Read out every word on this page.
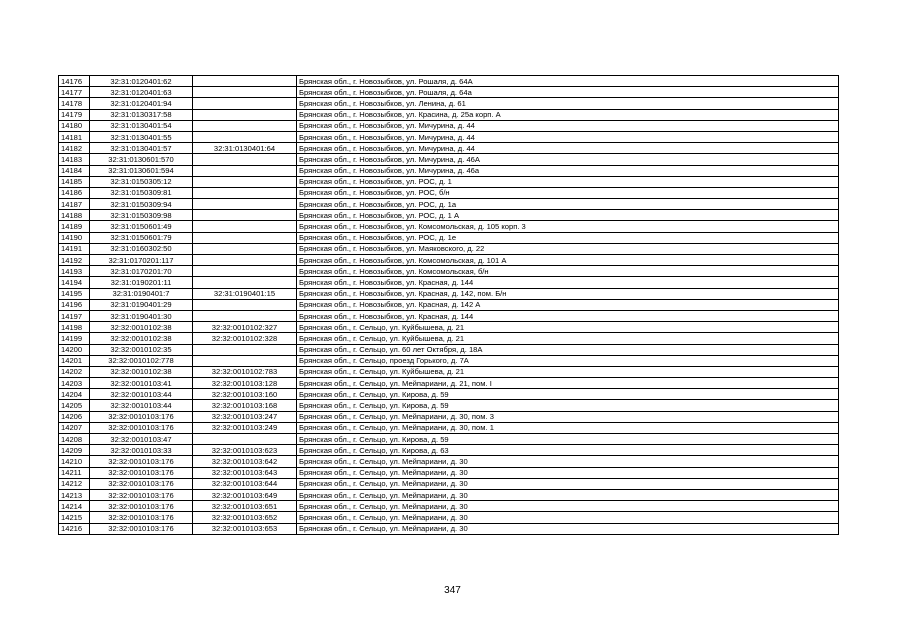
14176	32:31:0120401:62		Брянская обл., г. Новозыбков, ул. Рошаля, д. 64А
14177	32:31:0120401:63		Брянская обл., г. Новозыбков, ул. Рошаля, д. 64а
14178	32:31:0120401:94		Брянская обл., г. Новозыбков, ул. Ленина, д. 61
14179	32:31:0130317:58		Брянская обл., г. Новозыбков, ул. Красина, д. 25а корп. А
14180	32:31:0130401:54		Брянская обл., г. Новозыбков, ул. Мичурина, д. 44
14181	32:31:0130401:55		Брянская обл., г. Новозыбков, ул. Мичурина, д. 44
14182	32:31:0130401:57	32:31:0130401:64	Брянская обл., г. Новозыбков, ул. Мичурина, д. 44
14183	32:31:0130601:570		Брянская обл., г. Новозыбков, ул. Мичурина, д. 46А
14184	32:31:0130601:594		Брянская обл., г. Новозыбков, ул. Мичурина, д. 46а
14185	32:31:0150305:12		Брянская обл., г. Новозыбков, ул. РОС, д. 1
14186	32:31:0150309:81		Брянская обл., г. Новозыбков, ул. РОС, б/н
14187	32:31:0150309:94		Брянская обл., г. Новозыбков, ул. РОС, д. 1а
14188	32:31:0150309:98		Брянская обл., г. Новозыбков, ул. РОС, д. 1 А
14189	32:31:0150601:49		Брянская обл., г. Новозыбков, ул. Комсомольская, д. 105 корп. 3
14190	32:31:0150601:79		Брянская обл., г. Новозыбков, ул. РОС, д. 1е
14191	32:31:0160302:50		Брянская обл., г. Новозыбков, ул. Маяковского, д. 22
14192	32:31:0170201:117		Брянская обл., г. Новозыбков, ул. Комсомольская, д. 101 А
14193	32:31:0170201:70		Брянская обл., г. Новозыбков, ул. Комсомольская, б/н
14194	32:31:0190201:11		Брянская обл., г. Новозыбков, ул. Красная, д. 144
14195	32:31:0190401:7	32:31:0190401:15	Брянская обл., г. Новозыбков, ул. Красная, д. 142, пом. Б/н
14196	32:31:0190401:29		Брянская обл., г. Новозыбков, ул. Красная, д. 142 А
14197	32:31:0190401:30		Брянская обл., г. Новозыбков, ул. Красная, д. 144
14198	32:32:0010102:38	32:32:0010102:327	Брянская обл., г. Сельцо, ул. Куйбышева, д. 21
14199	32:32:0010102:38	32:32:0010102:328	Брянская обл., г. Сельцо, ул. Куйбышева, д. 21
14200	32:32:0010102:35		Брянская обл., г. Сельцо, ул. 60 лет Октября, д. 18А
14201	32:32:0010102:778		Брянская обл., г. Сельцо, проезд Горького, д. 7А
14202	32:32:0010102:38	32:32:0010102:783	Брянская обл., г. Сельцо, ул. Куйбышева, д. 21
14203	32:32:0010103:41	32:32:0010103:128	Брянская обл., г. Сельцо, ул. Мейпариани, д. 21, пом. I
14204	32:32:0010103:44	32:32:0010103:160	Брянская обл., г. Сельцо, ул. Кирова, д. 59
14205	32:32:0010103:44	32:32:0010103:168	Брянская обл., г. Сельцо, ул. Кирова, д. 59
14206	32:32:0010103:176	32:32:0010103:247	Брянская обл., г. Сельцо, ул. Мейпариани, д. 30, пом. 3
14207	32:32:0010103:176	32:32:0010103:249	Брянская обл., г. Сельцо, ул. Мейпариани, д. 30, пом. 1
14208	32:32:0010103:47		Брянская обл., г. Сельцо, ул. Кирова, д. 59
14209	32:32:0010103:33	32:32:0010103:623	Брянская обл., г. Сельцо, ул. Кирова, д. 63
14210	32:32:0010103:176	32:32:0010103:642	Брянская обл., г. Сельцо, ул. Мейпариани, д. 30
14211	32:32:0010103:176	32:32:0010103:643	Брянская обл., г. Сельцо, ул. Мейпариани, д. 30
14212	32:32:0010103:176	32:32:0010103:644	Брянская обл., г. Сельцо, ул. Мейпариани, д. 30
14213	32:32:0010103:176	32:32:0010103:649	Брянская обл., г. Сельцо, ул. Мейпариани, д. 30
14214	32:32:0010103:176	32:32:0010103:651	Брянская обл., г. Сельцо, ул. Мейпариани, д. 30
14215	32:32:0010103:176	32:32:0010103:652	Брянская обл., г. Сельцо, ул. Мейпариани, д. 30
14216	32:32:0010103:176	32:32:0010103:653	Брянская обл., г. Сельцо, ул. Мейпариани, д. 30
347
